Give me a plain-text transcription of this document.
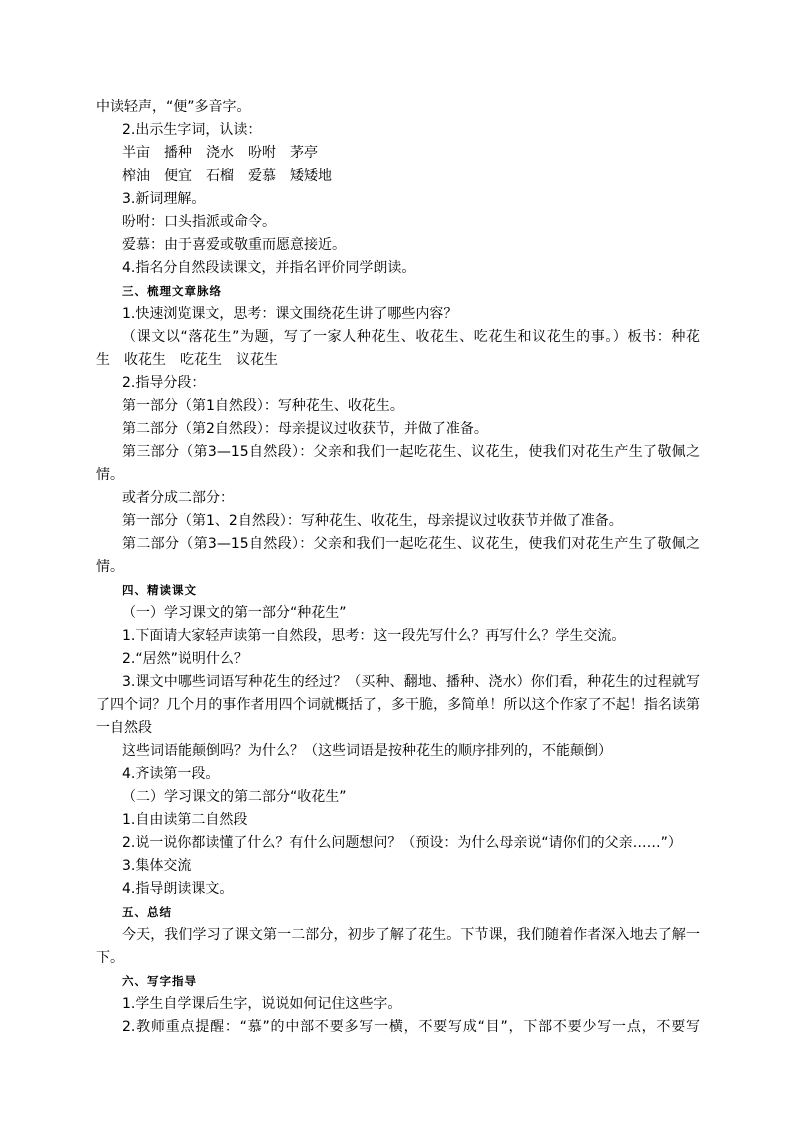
中读轻声，“便”多音字。
2.出示生字词，认读：
半亩　播种　浇水　吩咐　茅亭
榨油　便宜　石榴　爱慕　矮矮地
3.新词理解。
吩咐：口头指派或命令。
爱慕：由于喜爱或敬重而愿意接近。
4.指名分自然段读课文，并指名评价同学朗读。
三、梳理文章脉络
1.快速浏览课文，思考：课文围绕花生讲了哪些内容？
（课文以“落花生”为题，写了一家人种花生、收花生、吃花生和议花生的事。）板书：种花
生　收花生　吃花生　议花生
2.指导分段：
第一部分（第1自然段）：写种花生、收花生。
第二部分（第2自然段）：母亲提议过收获节，并做了准备。
第三部分（第3—15自然段）：父亲和我们一起吃花生、议花生，使我们对花生产生了敬佩之
情。
或者分成二部分：
第一部分（第1、2自然段）：写种花生、收花生，母亲提议过收获节并做了准备。
第二部分（第3—15自然段）：父亲和我们一起吃花生、议花生，使我们对花生产生了敬佩之
情。
四、精读课文
（一）学习课文的第一部分“种花生”
1.下面请大家轻声读第一自然段，思考：这一段先写什么？再写什么？学生交流。
2.“居然”说明什么？
3.课文中哪些词语写种花生的经过？（买种、翻地、播种、浇水）你们看，种花生的过程就写
了四个词？几个月的事作者用四个词就概括了，多干脆，多简单！所以这个作家了不起！指名读第
一自然段
这些词语能颠倒吗？为什么？（这些词语是按种花生的顺序排列的，不能颠倒）
4.齐读第一段。
（二）学习课文的第二部分“收花生”
1.自由读第二自然段
2.说一说你都读懂了什么？有什么问题想问？（预设：为什么母亲说“请你们的父亲……”）
3.集体交流
4.指导朗读课文。
五、总结
今天，我们学习了课文第一二部分，初步了解了花生。下节课，我们随着作者深入地去了解一
下。
六、写字指导
1.学生自学课后生字，说说如何记住这些字。
2.教师重点提醒：“慕”的中部不要多写一横，不要写成“目”，下部不要少写一点，不要写
